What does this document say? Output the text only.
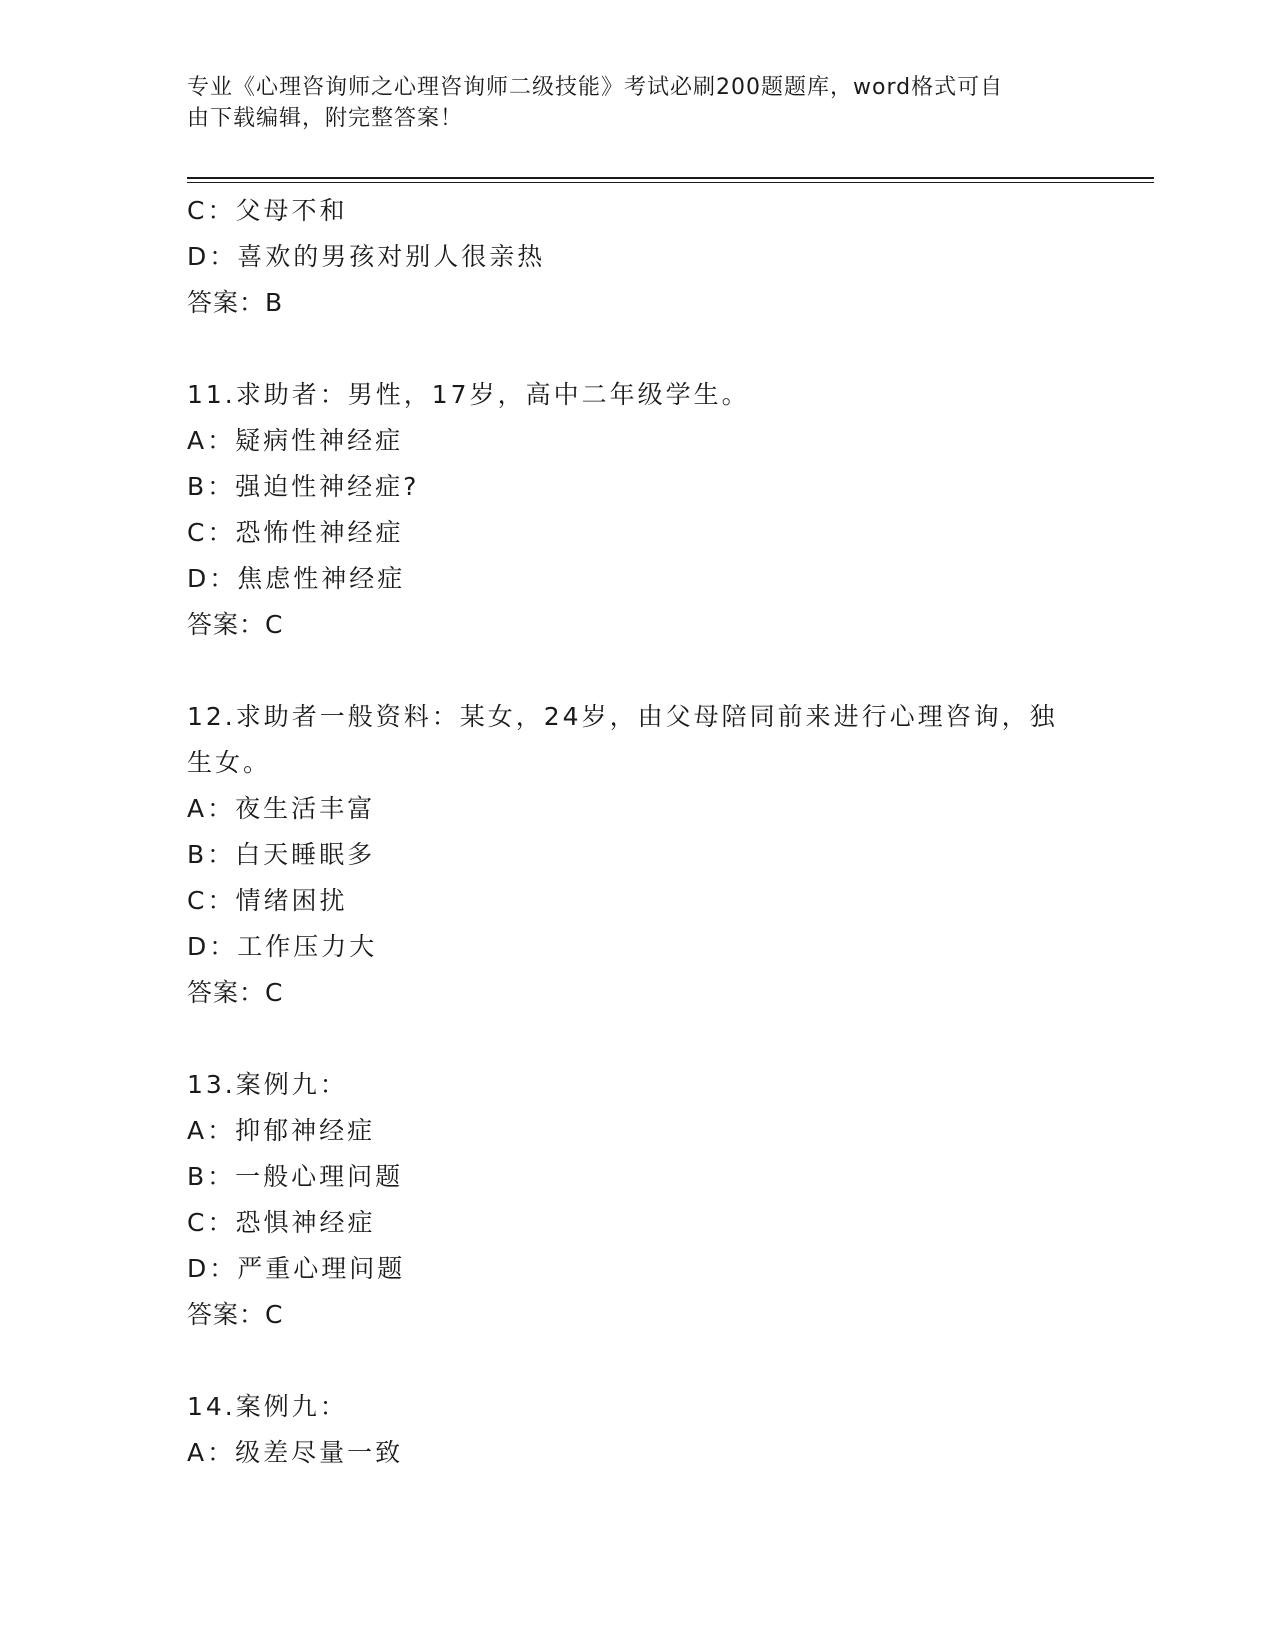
专业《心理咨询师之心理咨询师二级技能》考试必刷200题题库，word格式可自
由下载编辑，附完整答案！
C：父母不和
D：喜欢的男孩对别人很亲热
答案：B
11.求助者：男性，17岁，高中二年级学生。
A：疑病性神经症
B：强迫性神经症?
C：恐怖性神经症
D：焦虑性神经症
答案：C
12.求助者一般资料：某女，24岁，由父母陪同前来进行心理咨询，独
生女。
A：夜生活丰富
B：白天睡眠多
C：情绪困扰
D：工作压力大
答案：C
13.案例九：
A：抑郁神经症
B：一般心理问题
C：恐惧神经症
D：严重心理问题
答案：C
14.案例九：
A：级差尽量一致
